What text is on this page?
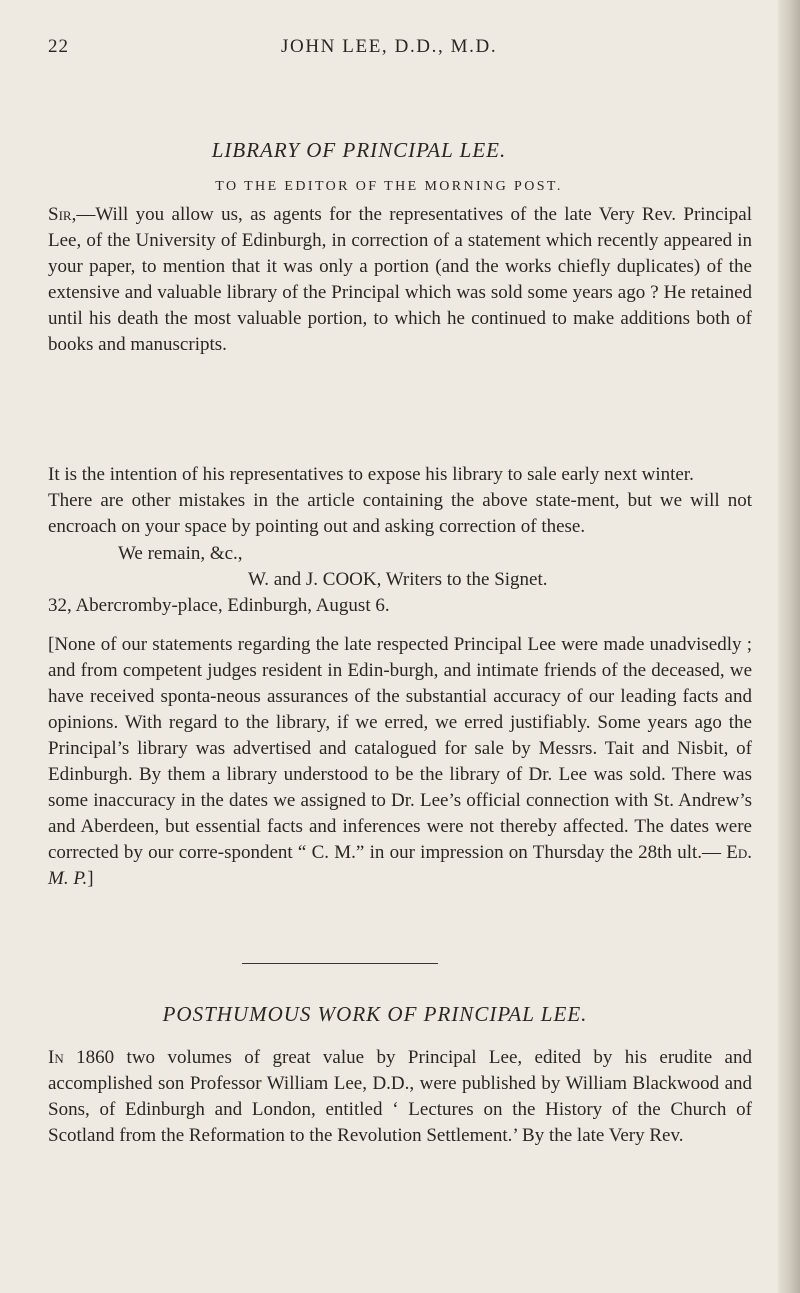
22	JOHN LEE, D.D., M.D.
LIBRARY OF PRINCIPAL LEE.
TO THE EDITOR OF THE MORNING POST.
Sir,—Will you allow us, as agents for the representatives of the late Very Rev. Principal Lee, of the University of Edinburgh, in correction of a statement which recently appeared in your paper, to mention that it was only a portion (and the works chiefly duplicates) of the extensive and valuable library of the Principal which was sold some years ago ? He retained until his death the most valuable portion, to which he continued to make additions both of books and manuscripts.
It is the intention of his representatives to expose his library to sale early next winter.
There are other mistakes in the article containing the above state-ment, but we will not encroach on your space by pointing out and asking correction of these.
We remain, &c.,
W. and J. COOK, Writers to the Signet.
32, Abercromby-place, Edinburgh, August 6.
[None of our statements regarding the late respected Principal Lee were made unadvisedly ; and from competent judges resident in Edin-burgh, and intimate friends of the deceased, we have received sponta-neous assurances of the substantial accuracy of our leading facts and opinions. With regard to the library, if we erred, we erred justifiably. Some years ago the Principal’s library was advertised and catalogued for sale by Messrs. Tait and Nisbit, of Edinburgh. By them a library understood to be the library of Dr. Lee was sold. There was some inaccuracy in the dates we assigned to Dr. Lee’s official connection with St. Andrew’s and Aberdeen, but essential facts and inferences were not thereby affected. The dates were corrected by our corre-spondent “ C. M.” in our impression on Thursday the 28th ult.— Ed. M. P.]
POSTHUMOUS WORK OF PRINCIPAL LEE.
In 1860 two volumes of great value by Principal Lee, edited by his erudite and accomplished son Professor William Lee, D.D., were published by William Blackwood and Sons, of Edinburgh and London, entitled ‘ Lectures on the History of the Church of Scotland from the Reformation to the Revolution Settlement.’ By the late Very Rev.
